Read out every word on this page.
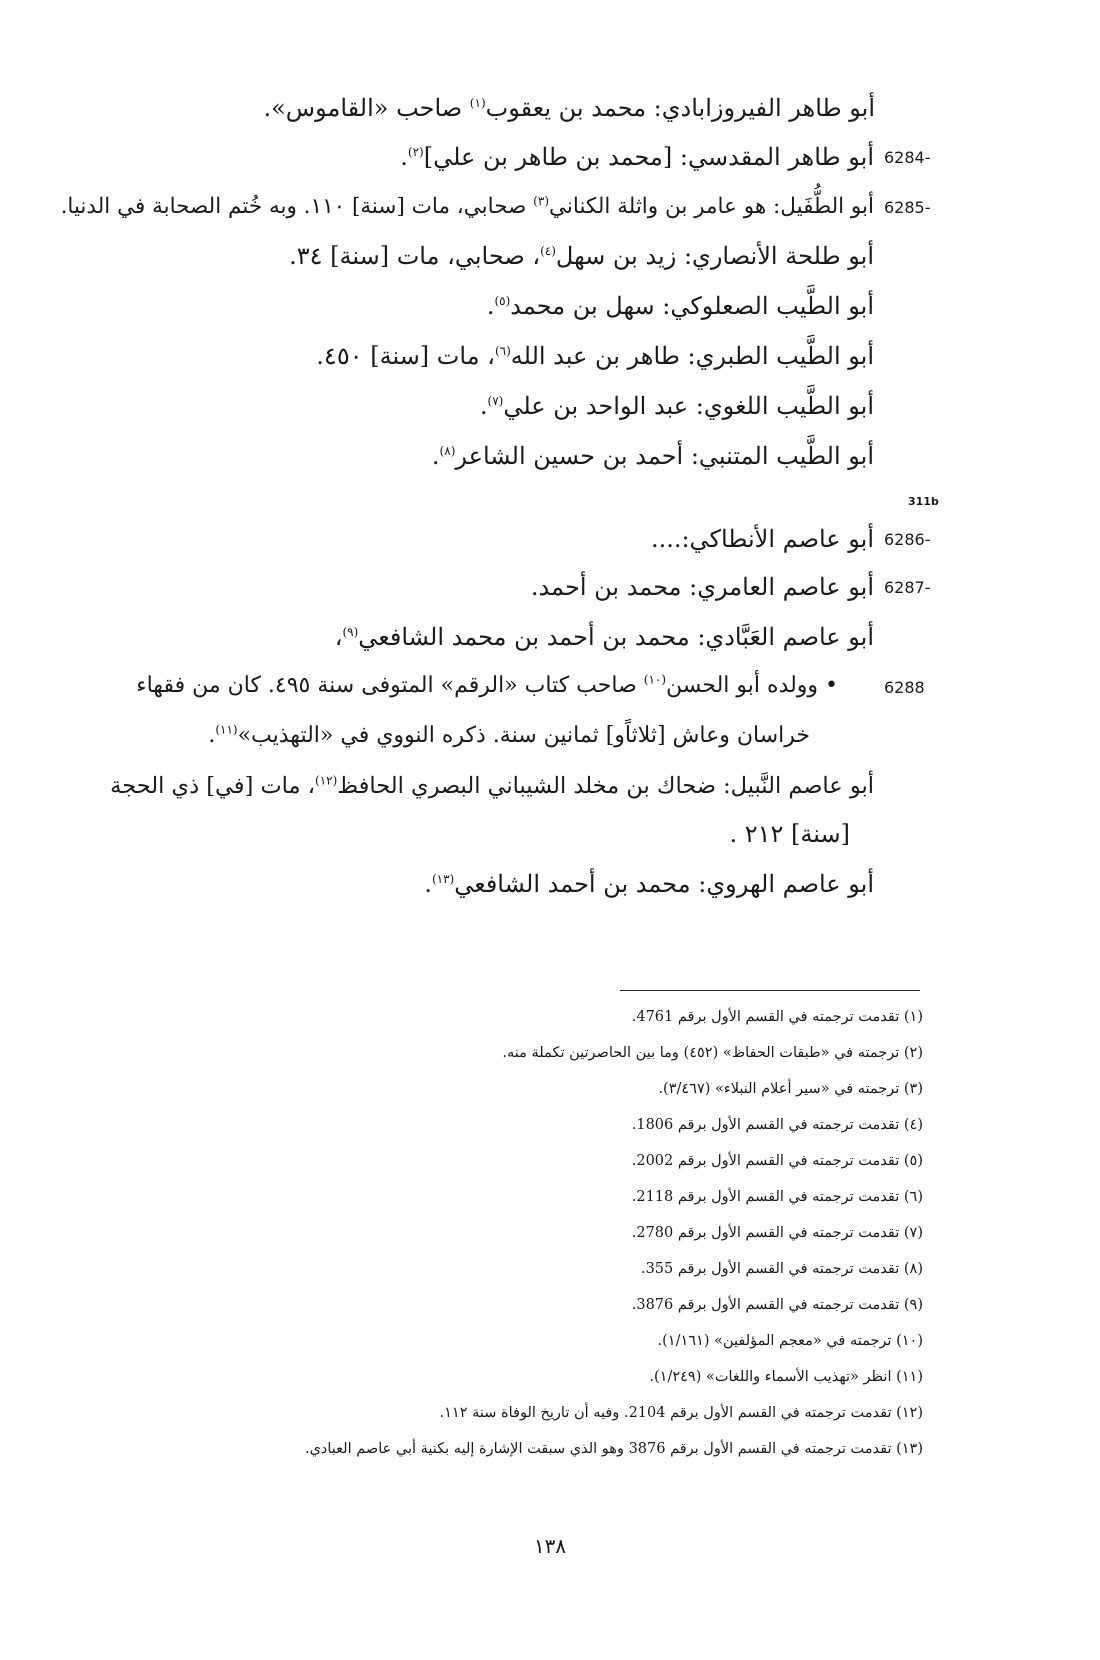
أبو طاهر الفيروزابادي: محمد بن يعقوب$^{(١)}$ صاحب «القاموس».
6284-
أبو طاهر المقدسي: [محمد بن طاهر بن علي]$^{(٢)}$.
6285-
أبو الطُّفَيل: هو عامر بن واثلة الكناني$^{(٣)}$ صحابي، مات [سنة] ١١٠. وبه خُتم الصحابة في الدنيا.
أبو طلحة الأنصاري: زيد بن سهل$^{(٤)}$، صحابي، مات [سنة] ٣٤.
أبو الطَّيب الصعلوكي: سهل بن محمد$^{(٥)}$.
أبو الطَّيب الطبري: طاهر بن عبد الله$^{(٦)}$، مات [سنة] ٤٥٠.
أبو الطَّيب اللغوي: عبد الواحد بن علي$^{(٧)}$.
أبو الطَّيب المتنبي: أحمد بن حسين الشاعر$^{(٨)}$.
311b
6286-
أبو عاصم الأنطاكي:....
6287-
أبو عاصم العامري: محمد بن أحمد.
أبو عاصم العَبَّادي: محمد بن أحمد بن محمد الشافعي$^{(٩)}$،
6288
• وولده أبو الحسن$^{(١٠)}$ صاحب كتاب «الرقم» المتوفى سنة ٤٩٥. كان من فقهاء
خراسان وعاش [ثلاثاًو] ثمانين سنة. ذكره النووي في «التهذيب»$^{(١١)}$.
أبو عاصم النَّبيل: ضحاك بن مخلد الشيباني البصري الحافظ$^{(١٢)}$، مات [في] ذي الحجة
[سنة] ٢١٢ .
أبو عاصم الهروي: محمد بن أحمد الشافعي$^{(١٣)}$.
(١) تقدمت ترجمته في القسم الأول برقم 4761.
(٢) ترجمته في «طبقات الحفاظ» (٤٥٢) وما بين الحاصرتين تكملة منه.
(٣) ترجمته في «سير أعلام النبلاء» (٣/٤٦٧).
(٤) تقدمت ترجمته في القسم الأول برقم 1806.
(٥) تقدمت ترجمته في القسم الأول برقم 2002.
(٦) تقدمت ترجمته في القسم الأول برقم 2118.
(٧) تقدمت ترجمته في القسم الأول برقم 2780.
(٨) تقدمت ترجمته في القسم الأول برقم 355.
(٩) تقدمت ترجمته في القسم الأول برقم 3876.
(١٠) ترجمته في «معجم المؤلفين» (١/١٦١).
(١١) انظر «تهذيب الأسماء واللغات» (١/٢٤٩).
(١٢) تقدمت ترجمته في القسم الأول برقم 2104. وفيه أن تاريخ الوفاة سنة ١١٢.
(١٣) تقدمت ترجمته في القسم الأول برقم 3876 وهو الذي سبقت الإشارة إليه بكنية أبي عاصم العبادي.
١٣٨
